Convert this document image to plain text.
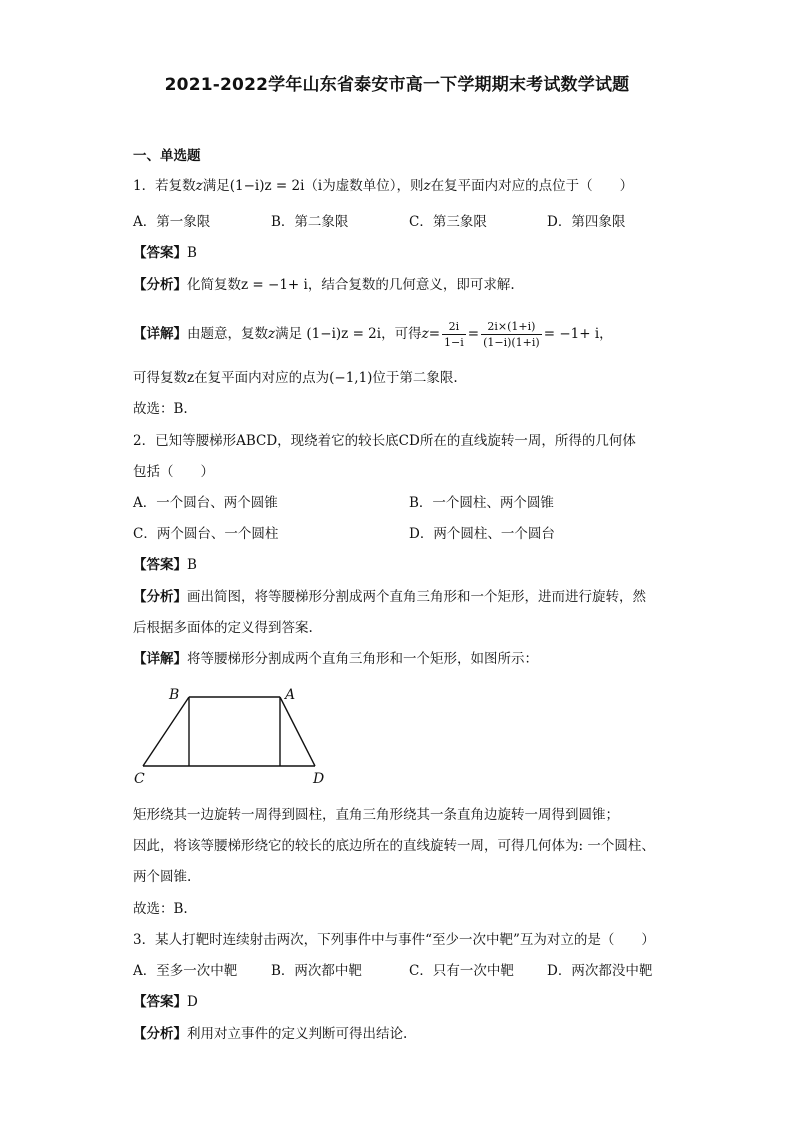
2021-2022学年山东省泰安市高一下学期期末考试数学试题
一、单选题
1．若复数z满足(1−i)z = 2i（i为虚数单位），则z在复平面内对应的点位于（　　）
A．第一象限	B．第二象限	C．第三象限	D．第四象限
【答案】B
【分析】化简复数z = −1+ i，结合复数的几何意义，即可求解.
【详解】由题意，复数z满足 (1−i)z = 2i，可得$z= \frac{2i}{1-i} = \frac{2i\times(1+i)}{(1-i)(1+i)} = -1+ i$，
可得复数z在复平面内对应的点为(−1,1)位于第二象限.
故选：B.
2．已知等腰梯形ABCD，现绕着它的较长底CD所在的直线旋转一周，所得的几何体
包括（　　）
A．一个圆台、两个圆锥	B．一个圆柱、两个圆锥
C．两个圆台、一个圆柱	D．两个圆柱、一个圆台
【答案】B
【分析】画出简图，将等腰梯形分割成两个直角三角形和一个矩形，进而进行旋转，然
后根据多面体的定义得到答案.
【详解】将等腰梯形分割成两个直角三角形和一个矩形，如图所示：
B	A
C	D
矩形绕其一边旋转一周得到圆柱，直角三角形绕其一条直角边旋转一周得到圆锥；
因此，将该等腰梯形绕它的较长的底边所在的直线旋转一周，可得几何体为: 一个圆柱、
两个圆锥.
故选：B.
3．某人打靶时连续射击两次，下列事件中与事件“至少一次中靶”互为对立的是（　　）
A．至多一次中靶	B．两次都中靶	C．只有一次中靶 D．两次都没中靶
【答案】D
【分析】利用对立事件的定义判断可得出结论.
